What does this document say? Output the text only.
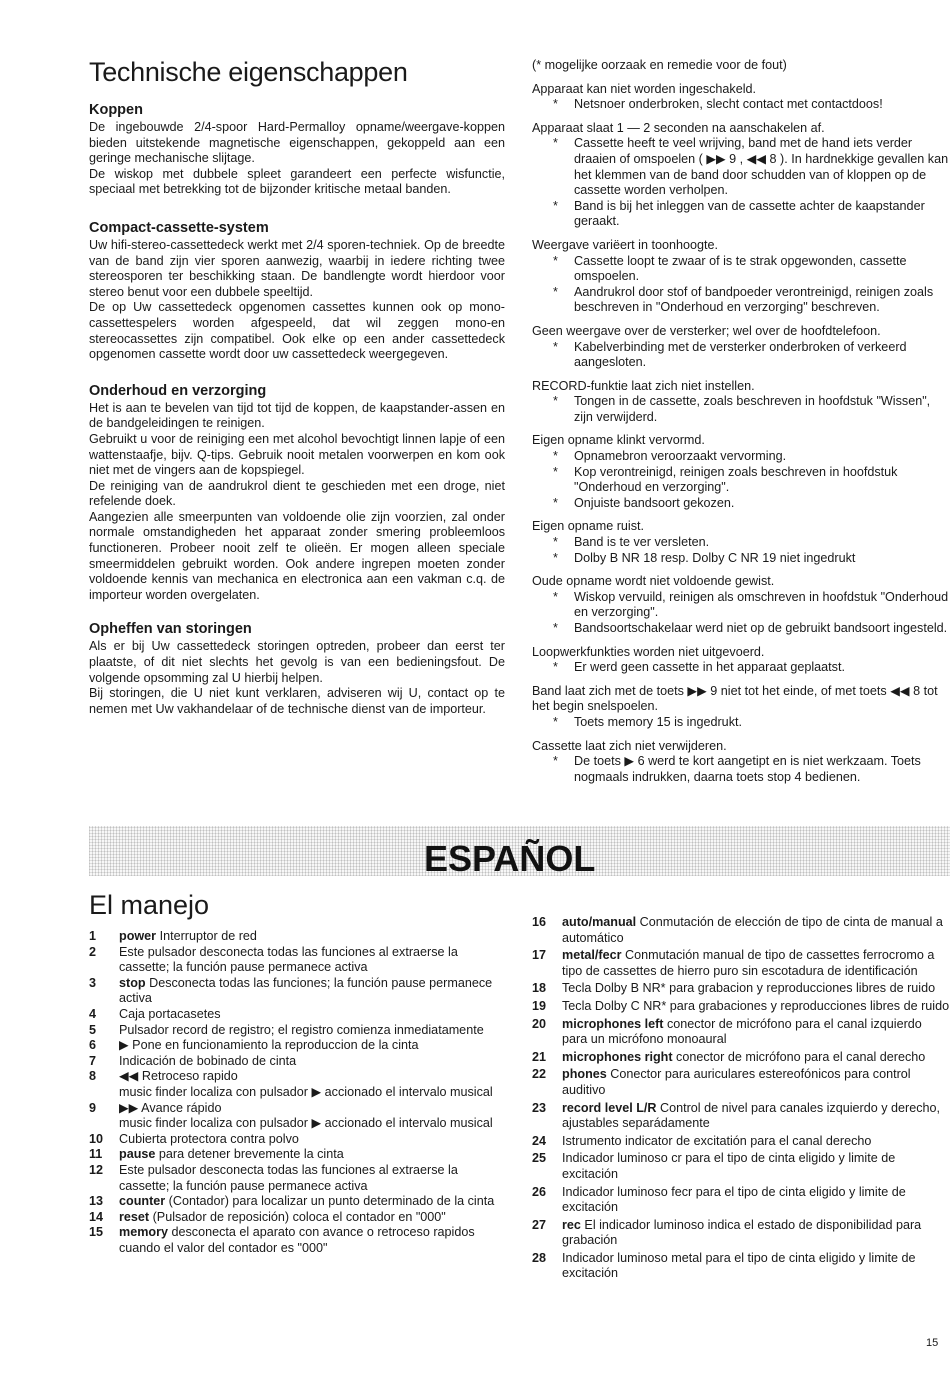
Technische eigenschappen
Koppen

De ingebouwde 2/4-spoor Hard-Permalloy opname/weergave-koppen bieden uitstekende magnetische eigenschappen, gekoppeld aan een geringe mechanische slijtage.

De wiskop met dubbele spleet garandeert een perfecte wisfunctie, speciaal met betrekking tot de bijzonder kritische metaal banden.

Compact-cassette-system

Uw hifi-stereo-cassettedeck werkt met 2/4 sporen-techniek. Op de breedte van de band zijn vier sporen aanwezig, waarbij in iedere richting twee stereosporen ter beschikking staan. De bandlengte wordt hierdoor voor stereo benut voor een dubbele speeltijd.

De op Uw cassettedeck opgenomen cassettes kunnen ook op mono-cassettespelers worden afgespeeld, dat wil zeggen mono-en stereocassettes zijn compatibel. Ook elke op een ander cassettedeck opgenomen cassette wordt door uw cassettedeck weergegeven.

Onderhoud en verzorging

Het is aan te bevelen van tijd tot tijd de koppen, de kaapstander-assen en de bandgeleidingen te reinigen.

Gebruikt u voor de reiniging een met alcohol bevochtigt linnen lapje of een wattenstaafje, bijv. Q-tips. Gebruik nooit metalen voorwerpen en kom ook niet met de vingers aan de kopspiegel.

De reiniging van de aandrukrol dient te geschieden met een droge, niet refelende doek.

Aangezien alle smeerpunten van voldoende olie zijn voorzien, zal onder normale omstandigheden het apparaat zonder smering probleemloos functioneren. Probeer nooit zelf te olieën. Er mogen alleen speciale smeermiddelen gebruikt worden. Ook andere ingrepen moeten zonder voldoende kennis van mechanica en electronica aan een vakman c.q. de importeur worden overgelaten.

Opheffen van storingen

Als er bij Uw cassettedeck storingen optreden, probeer dan eerst ter plaatste, of dit niet slechts het gevolg is van een bedieningsfout. De volgende opsomming zal U hierbij helpen.

Bij storingen, die U niet kunt verklaren, adviseren wij U, contact op te nemen met Uw vakhandelaar of de technische dienst van de importeur.

(* mogelijke oorzaak en remedie voor de fout)

Apparaat kan niet worden ingeschakeld.

* Netsnoer onderbroken, slecht contact met contactdoos!

Apparaat slaat 1 — 2 seconden na aanschakelen af.

* Cassette heeft te veel wrijving, band met de hand iets verder draaien of omspoelen ( ▶▶ 9 , ◀◀ 8 ). In hardnekkige gevallen kan het klemmen van de band door schudden van of kloppen op de cassette worden verholpen.

* Band is bij het inleggen van de cassette achter de kaapstander geraakt.

Weergave variëert in toonhoogte.

* Cassette loopt te zwaar of is te strak opgewonden, cassette omspoelen.

* Aandrukrol door stof of bandpoeder verontreinigd, reinigen zoals beschreven in "Onderhoud en verzorging" beschreven.

Geen weergave over de versterker; wel over de hoofdtelefoon.

* Kabelverbinding met de versterker onderbroken of verkeerd aangesloten.

RECORD-funktie laat zich niet instellen.

* Tongen in de cassette, zoals beschreven in hoofdstuk "Wissen", zijn verwijderd.

Eigen opname klinkt vervormd.

* Opnamebron veroorzaakt vervorming.

* Kop verontreinigd, reinigen zoals beschreven in hoofdstuk "Onderhoud en verzorging".

* Onjuiste bandsoort gekozen.

Eigen opname ruist.

* Band is te ver versleten.

* Dolby B NR 18 resp. Dolby C NR 19 niet ingedrukt

Oude opname wordt niet voldoende gewist.

* Wiskop vervuild, reinigen als omschreven in hoofdstuk "Onderhoud en verzorging".

* Bandsoortschakelaar werd niet op de gebruikt bandsoort ingesteld.

Loopwerkfunkties worden niet uitgevoerd.

* Er werd geen cassette in het apparaat geplaatst.

Band laat zich met de toets ▶▶ 9 niet tot het einde, of met toets ◀◀ 8 tot het begin snelspoelen.

* Toets memory 15 is ingedrukt.

Cassette laat zich niet verwijderen.

* De toets ▶ 6 werd te kort aangetipt en is niet werkzaam. Toets nogmaals indrukken, daarna toets stop 4 bedienen.

ESPAÑOL
El manejo
1	power Interruptor de red
2	Este pulsador desconecta todas las funciones al extraerse la cassette; la función pause permanece activa
3	stop Desconecta todas las funciones; la función pause permanece activa
4	Caja portacasetes
5	Pulsador record de registro; el registro comienza inmediatamente
6	▶ Pone en funcionamiento la reproduccion de la cinta
7	Indicación de bobinado de cinta
8	◀◀ Retroceso rapido
music finder localiza con pulsador ▶ accionado el intervalo musical
9	▶▶ Avance rápido
music finder localiza con pulsador ▶ accionado el intervalo musical
10	Cubierta protectora contra polvo
11	pause para detener brevemente la cinta
12	Este pulsador desconecta todas las funciones al extraerse la cassette; la función pause permanece activa
13	counter (Contador) para localizar un punto determinado de la cinta
14	reset (Pulsador de reposición) coloca el contador en "000"
15	memory desconecta el aparato con avance o retroceso rapidos cuando el valor del contador es "000"
16	auto/manual Conmutación de elección de tipo de cinta de manual a automático
17	metal/fecr Conmutación manual de tipo de cassettes ferrocromo a tipo de cassettes de hierro puro sin escotadura de identificación
18	Tecla Dolby B NR* para grabacion y reproducciones libres de ruido
19	Tecla Dolby C NR* para grabaciones y reproducciones libres de ruido
20	microphones left conector de micrófono para el canal izquierdo para un micrófono monoaural
21	microphones right conector de micrófono para el canal derecho
22	phones Conector para auriculares estereofónicos para control auditivo
23	record level L/R Control de nivel para canales izquierdo y derecho, ajustables separádamente
24	Istrumento indicator de excitatión para el canal derecho
25	Indicador luminoso cr para el tipo de cinta eligido y limite de excitación
26	Indicador luminoso fecr para el tipo de cinta eligido y limite de excitación
27	rec El indicador luminoso indica el estado de disponibilidad para grabación
28	Indicador luminoso metal para el tipo de cinta eligido y limite de excitación
15
